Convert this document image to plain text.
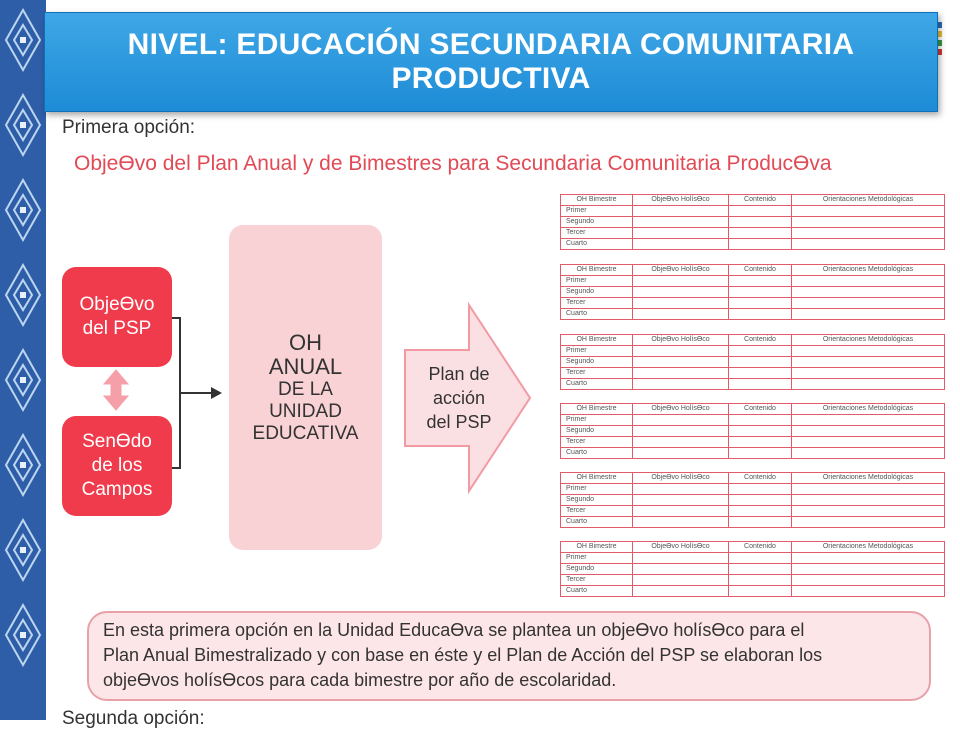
NIVEL: EDUCACIÓN SECUNDARIA COMUNITARIA
PRODUCTIVA
Primera opción:
ObjeƟvo del Plan Anual y de Bimestres para Secundaria Comunitaria ProducƟva
ObjeƟvo
del PSP
SenƟdo
de los
Campos
OH
ANUAL
DE LA
UNIDAD
EDUCATIVA
Plan de
acción
del PSP
OH Bimestre	ObjeƟvo HolísƟco	Contenido	Orientaciones Metodológicas
Primer			
Segundo			
Tercer			
Cuarto			
OH Bimestre	ObjeƟvo HolísƟco	Contenido	Orientaciones Metodológicas
Primer			
Segundo			
Tercer			
Cuarto			
OH Bimestre	ObjeƟvo HolísƟco	Contenido	Orientaciones Metodológicas
Primer			
Segundo			
Tercer			
Cuarto			
OH Bimestre	ObjeƟvo HolísƟco	Contenido	Orientaciones Metodológicas
Primer			
Segundo			
Tercer			
Cuarto			
OH Bimestre	ObjeƟvo HolísƟco	Contenido	Orientaciones Metodológicas
Primer			
Segundo			
Tercer			
Cuarto			
OH Bimestre	ObjeƟvo HolísƟco	Contenido	Orientaciones Metodológicas
Primer			
Segundo			
Tercer			
Cuarto			
En esta primera opción en la Unidad EducaƟva se plantea un objeƟvo holísƟco para el
Plan Anual Bimestralizado y con base en éste y el Plan de Acción del PSP se elaboran los
objeƟvos holísƟcos para cada bimestre por año de escolaridad.
Segunda opción:
